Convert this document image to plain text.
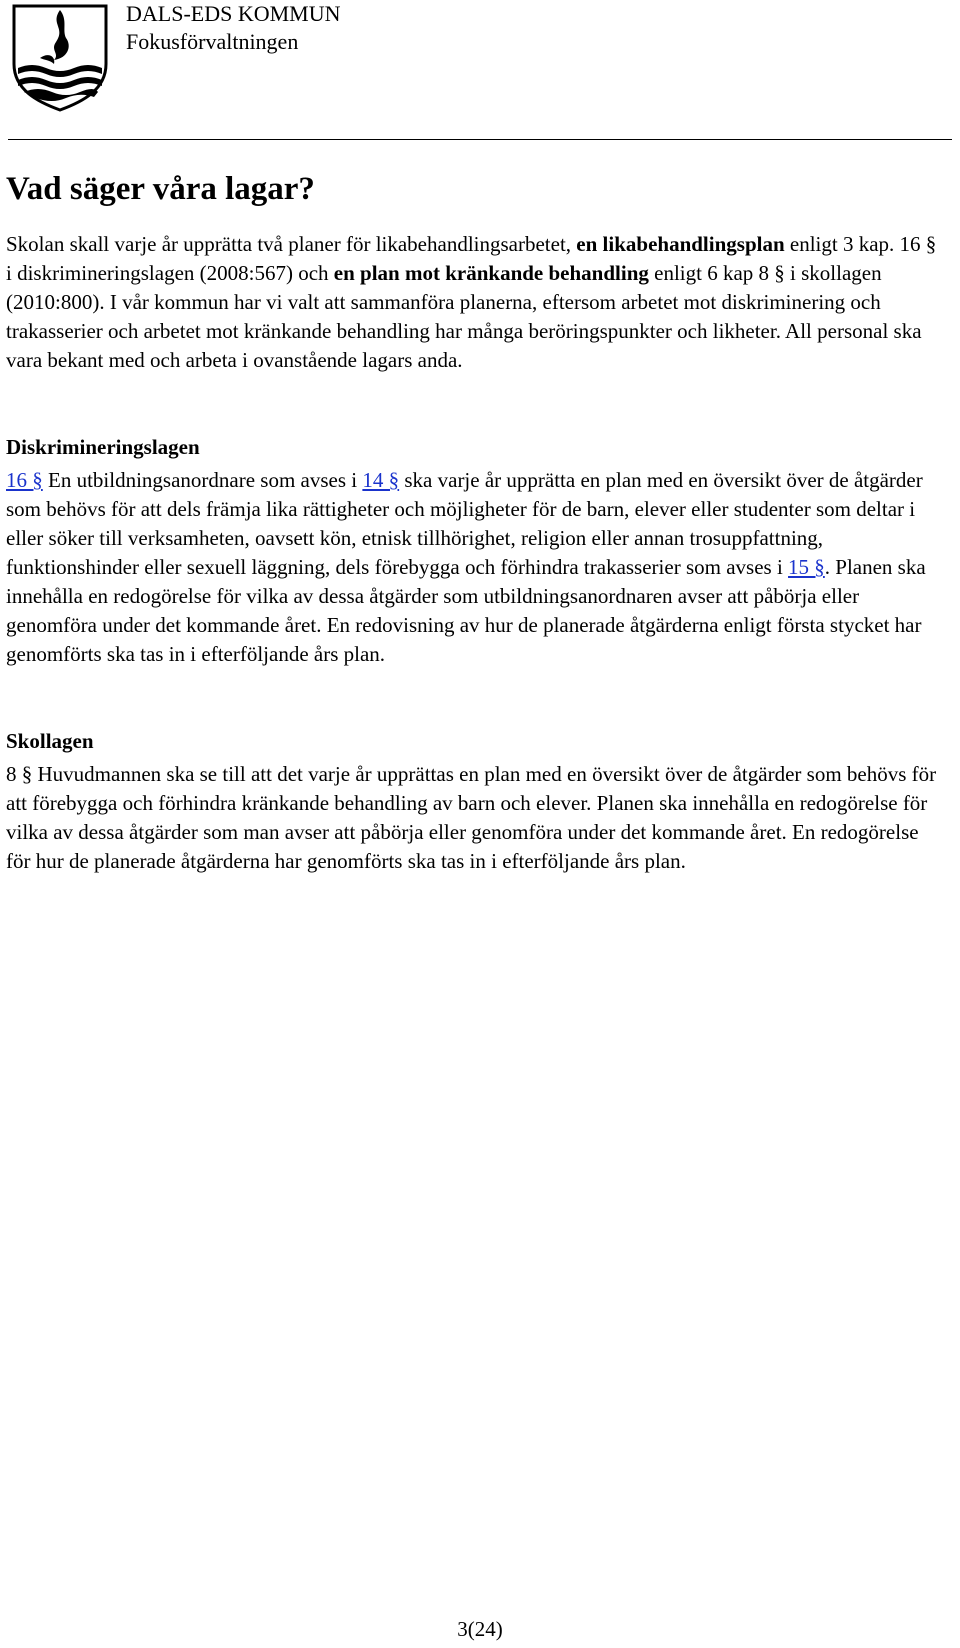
DALS-EDS KOMMUN
Fokusförvaltningen
Vad säger våra lagar?

Skolan skall varje år upprätta två planer för likabehandlingsarbetet, en likabehandlingsplan enligt 3 kap. 16 § i diskrimineringslagen (2008:567) och en plan mot kränkande behandling enligt 6 kap 8 § i skollagen (2010:800). I vår kommun har vi valt att sammanföra planerna, eftersom arbetet mot diskriminering och trakasserier och arbetet mot kränkande behandling har många beröringspunkter och likheter. All personal ska vara bekant med och arbeta i ovanstående lagars anda.

Diskrimineringslagen

16 § En utbildningsanordnare som avses i 14 § ska varje år upprätta en plan med en översikt över de åtgärder som behövs för att dels främja lika rättigheter och möjligheter för de barn, elever eller studenter som deltar i eller söker till verksamheten, oavsett kön, etnisk tillhörighet, religion eller annan trosuppfattning, funktionshinder eller sexuell läggning, dels förebygga och förhindra trakasserier som avses i 15 §. Planen ska innehålla en redogörelse för vilka av dessa åtgärder som utbildningsanordnaren avser att påbörja eller genomföra under det kommande året. En redovisning av hur de planerade åtgärderna enligt första stycket har genomförts ska tas in i efterföljande års plan.

Skollagen

8 § Huvudmannen ska se till att det varje år upprättas en plan med en översikt över de åtgärder som behövs för att förebygga och förhindra kränkande behandling av barn och elever. Planen ska innehålla en redogörelse för vilka av dessa åtgärder som man avser att påbörja eller genomföra under det kommande året. En redogörelse för hur de planerade åtgärderna har genomförts ska tas in i efterföljande års plan.

3(24)
